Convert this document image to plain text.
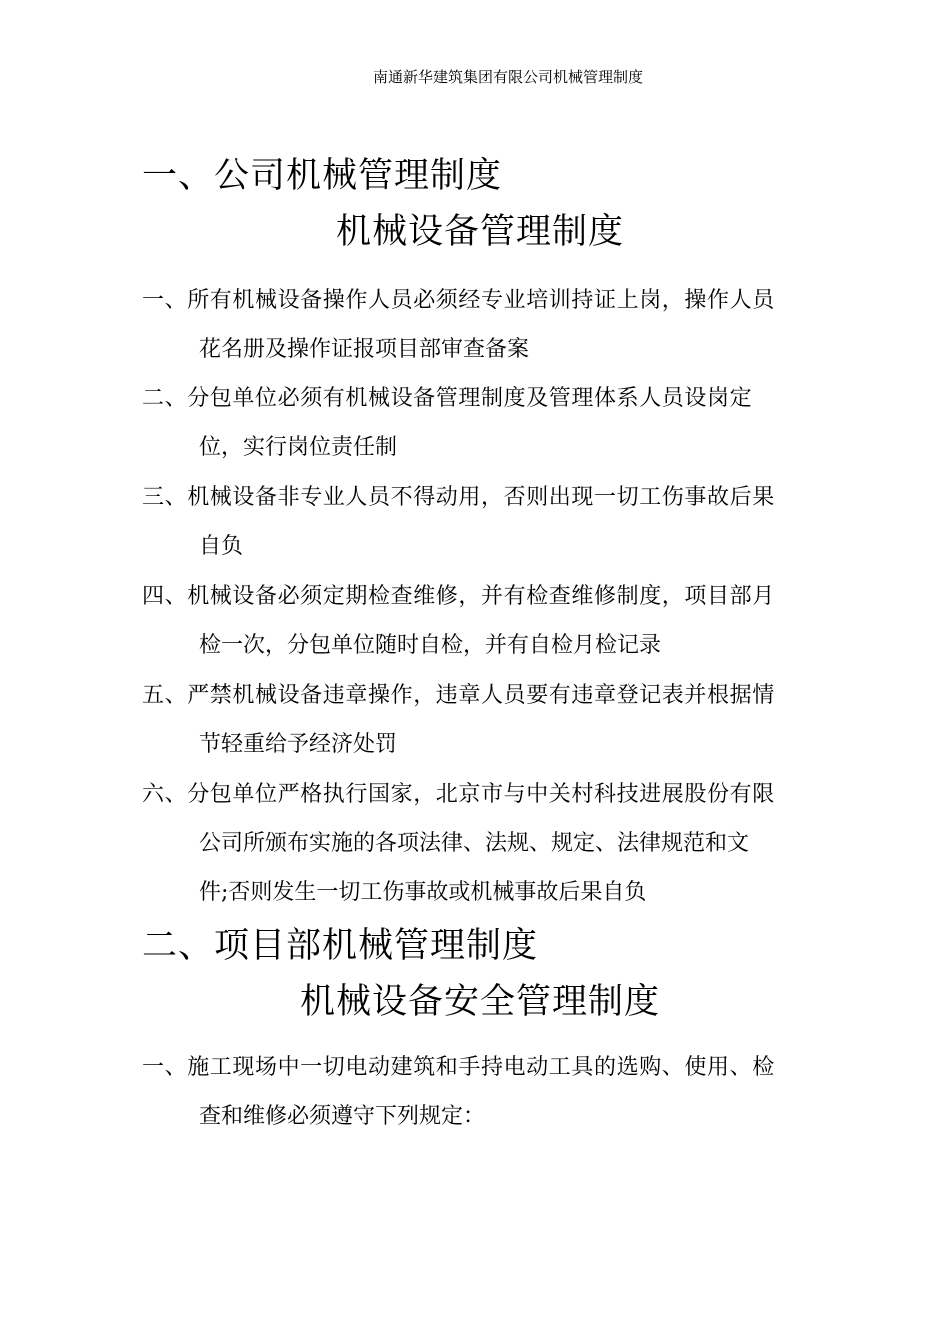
南通新华建筑集团有限公司机械管理制度
一、公司机械管理制度
机械设备管理制度
一、所有机械设备操作人员必须经专业培训持证上岗，操作人员
花名册及操作证报项目部审查备案
二、分包单位必须有机械设备管理制度及管理体系人员设岗定
位，实行岗位责任制
三、机械设备非专业人员不得动用，否则出现一切工伤事故后果
自负
四、机械设备必须定期检查维修，并有检查维修制度，项目部月
检一次，分包单位随时自检，并有自检月检记录
五、严禁机械设备违章操作，违章人员要有违章登记表并根据情
节轻重给予经济处罚
六、分包单位严格执行国家，北京市与中关村科技进展股份有限
公司所颁布实施的各项法律、法规、规定、法律规范和文
件;否则发生一切工伤事故或机械事故后果自负
二、项目部机械管理制度
机械设备安全管理制度
一、施工现场中一切电动建筑和手持电动工具的选购、使用、检
查和维修必须遵守下列规定：
